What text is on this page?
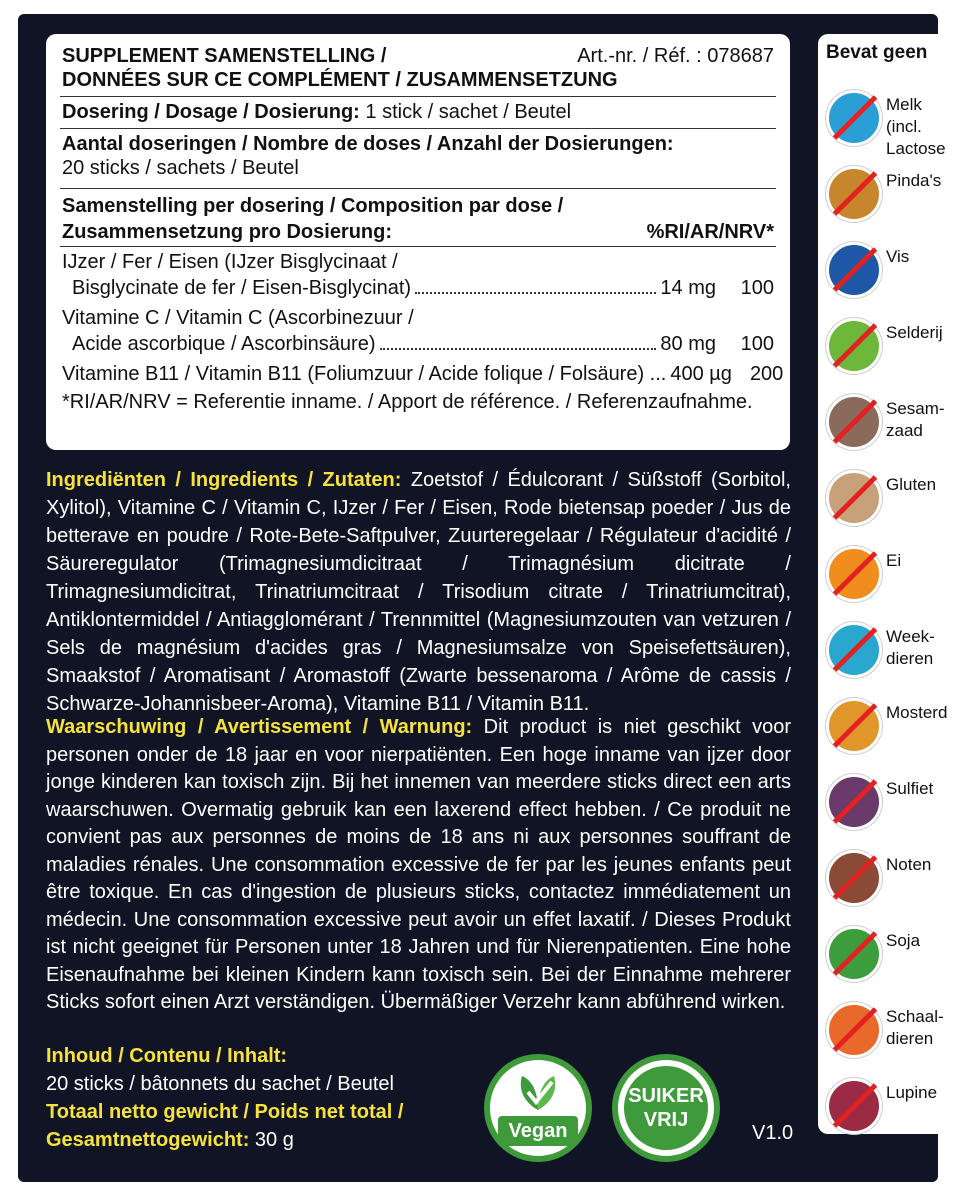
SUPPLEMENT SAMENSTELLING /	Art.-nr. / Réf. : 078687
DONNÉES SUR CE COMPLÉMENT / ZUSAMMENSETZUNG
Dosering / Dosage / Dosierung: 1 stick / sachet / Beutel
Aantal doseringen / Nombre de doses / Anzahl der Dosierungen:
20 sticks / sachets / Beutel
Samenstelling per dosering / Composition par dose /
Zusammensetzung pro Dosierung:	%RI/AR/NRV*
IJzer / Fer / Eisen (IJzer Bisglycinaat /
Bisglycinate de fer / Eisen-Bisglycinat)	14 mg	100
Vitamine C / Vitamin C (Ascorbinezuur /
Acide ascorbique / Ascorbinsäure)	80 mg	100
Vitamine B11 / Vitamin B11 (Foliumzuur / Acide folique / Folsäure) ... 400 µg 200
*RI/AR/NRV = Referentie inname. / Apport de référence. / Referenzaufnahme.
Ingrediënten / Ingredients / Zutaten: Zoetstof / Édulcorant / Süßstoff (Sorbitol, Xylitol), Vitamine C / Vitamin C, IJzer / Fer / Eisen, Rode bietensap poeder / Jus de betterave en poudre / Rote-Bete-Saftpulver, Zuurteregelaar / Régulateur d'acidité / Säureregulator (Trimagnesiumdicitraat / Trimagnésium dicitrate / Trimagnesiumdicitrat, Trinatriumcitraat / Trisodium citrate / Trinatriumcitrat), Antiklontermiddel / Antiagglomérant / Trennmittel (Magnesiumzouten van vetzuren / Sels de magnésium d'acides gras / Magnesiumsalze von Speisefettsäuren), Smaakstof / Aromatisant / Aromastoff (Zwarte bessenaroma / Arôme de cassis / Schwarze-Johannisbeer-Aroma), Vitamine B11 / Vitamin B11.
Waarschuwing / Avertissement / Warnung: Dit product is niet geschikt voor personen onder de 18 jaar en voor nierpatiënten. Een hoge inname van ijzer door jonge kinderen kan toxisch zijn. Bij het innemen van meerdere sticks direct een arts waarschuwen. Overmatig gebruik kan een laxerend effect hebben. / Ce produit ne convient pas aux personnes de moins de 18 ans ni aux personnes souffrant de maladies rénales. Une consommation excessive de fer par les jeunes enfants peut être toxique. En cas d'ingestion de plusieurs sticks, contactez immédiatement un médecin. Une consommation excessive peut avoir un effet laxatif. / Dieses Produkt ist nicht geeignet für Personen unter 18 Jahren und für Nierenpatienten. Eine hohe Eisenaufnahme bei kleinen Kindern kann toxisch sein. Bei der Einnahme mehrerer Sticks sofort einen Arzt verständigen. Übermäßiger Verzehr kann abführend wirken.
Inhoud / Contenu / Inhalt:
20 sticks / bâtonnets du sachet / Beutel
Totaal netto gewicht / Poids net total /
Gesamtnettogewicht: 30 g	Vegan
SUIKER
VRIJ
V1.0
Bevat geen
Melk
(incl.
Lactose
Pinda's
Vis
Selderij
Sesam-
zaad
Gluten
Ei
Week-
dieren
Mosterd
Sulfiet
Noten
Soja
Schaal-
dieren
Lupine
